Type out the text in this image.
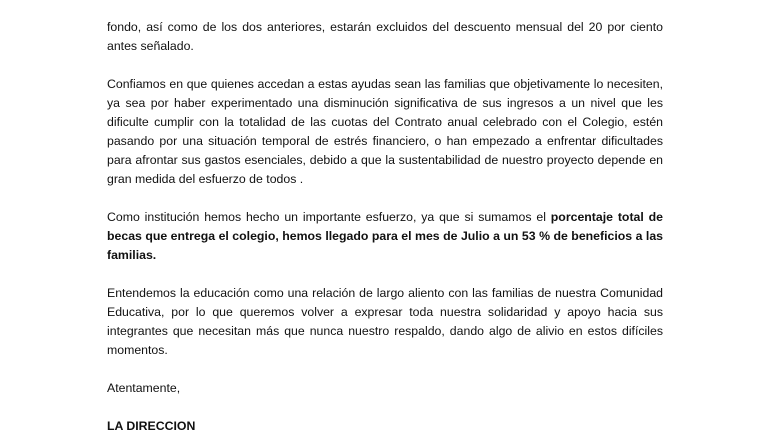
fondo, así como de los dos anteriores, estarán excluidos del descuento mensual del 20 por ciento antes señalado.

Confiamos en que quienes accedan a estas ayudas sean las familias que objetivamente lo necesiten, ya sea por haber experimentado una disminución significativa de sus ingresos a un nivel que les dificulte cumplir con la totalidad de las cuotas del Contrato anual celebrado con el Colegio, estén pasando por una situación temporal de estrés financiero, o han empezado a enfrentar dificultades para afrontar sus gastos esenciales, debido a que la sustentabilidad de nuestro proyecto depende en gran medida del esfuerzo de todos .

Como institución hemos hecho un importante esfuerzo, ya que si sumamos el porcentaje total de becas que entrega el colegio, hemos llegado para el mes de Julio a un 53 % de beneficios a las familias.

Entendemos la educación como una relación de largo aliento con las familias de nuestra Comunidad Educativa, por lo que queremos volver a expresar toda nuestra solidaridad y apoyo hacia sus integrantes que necesitan más que nunca nuestro respaldo, dando algo de alivio en estos difíciles momentos.

Atentamente,
LA DIRECCION
